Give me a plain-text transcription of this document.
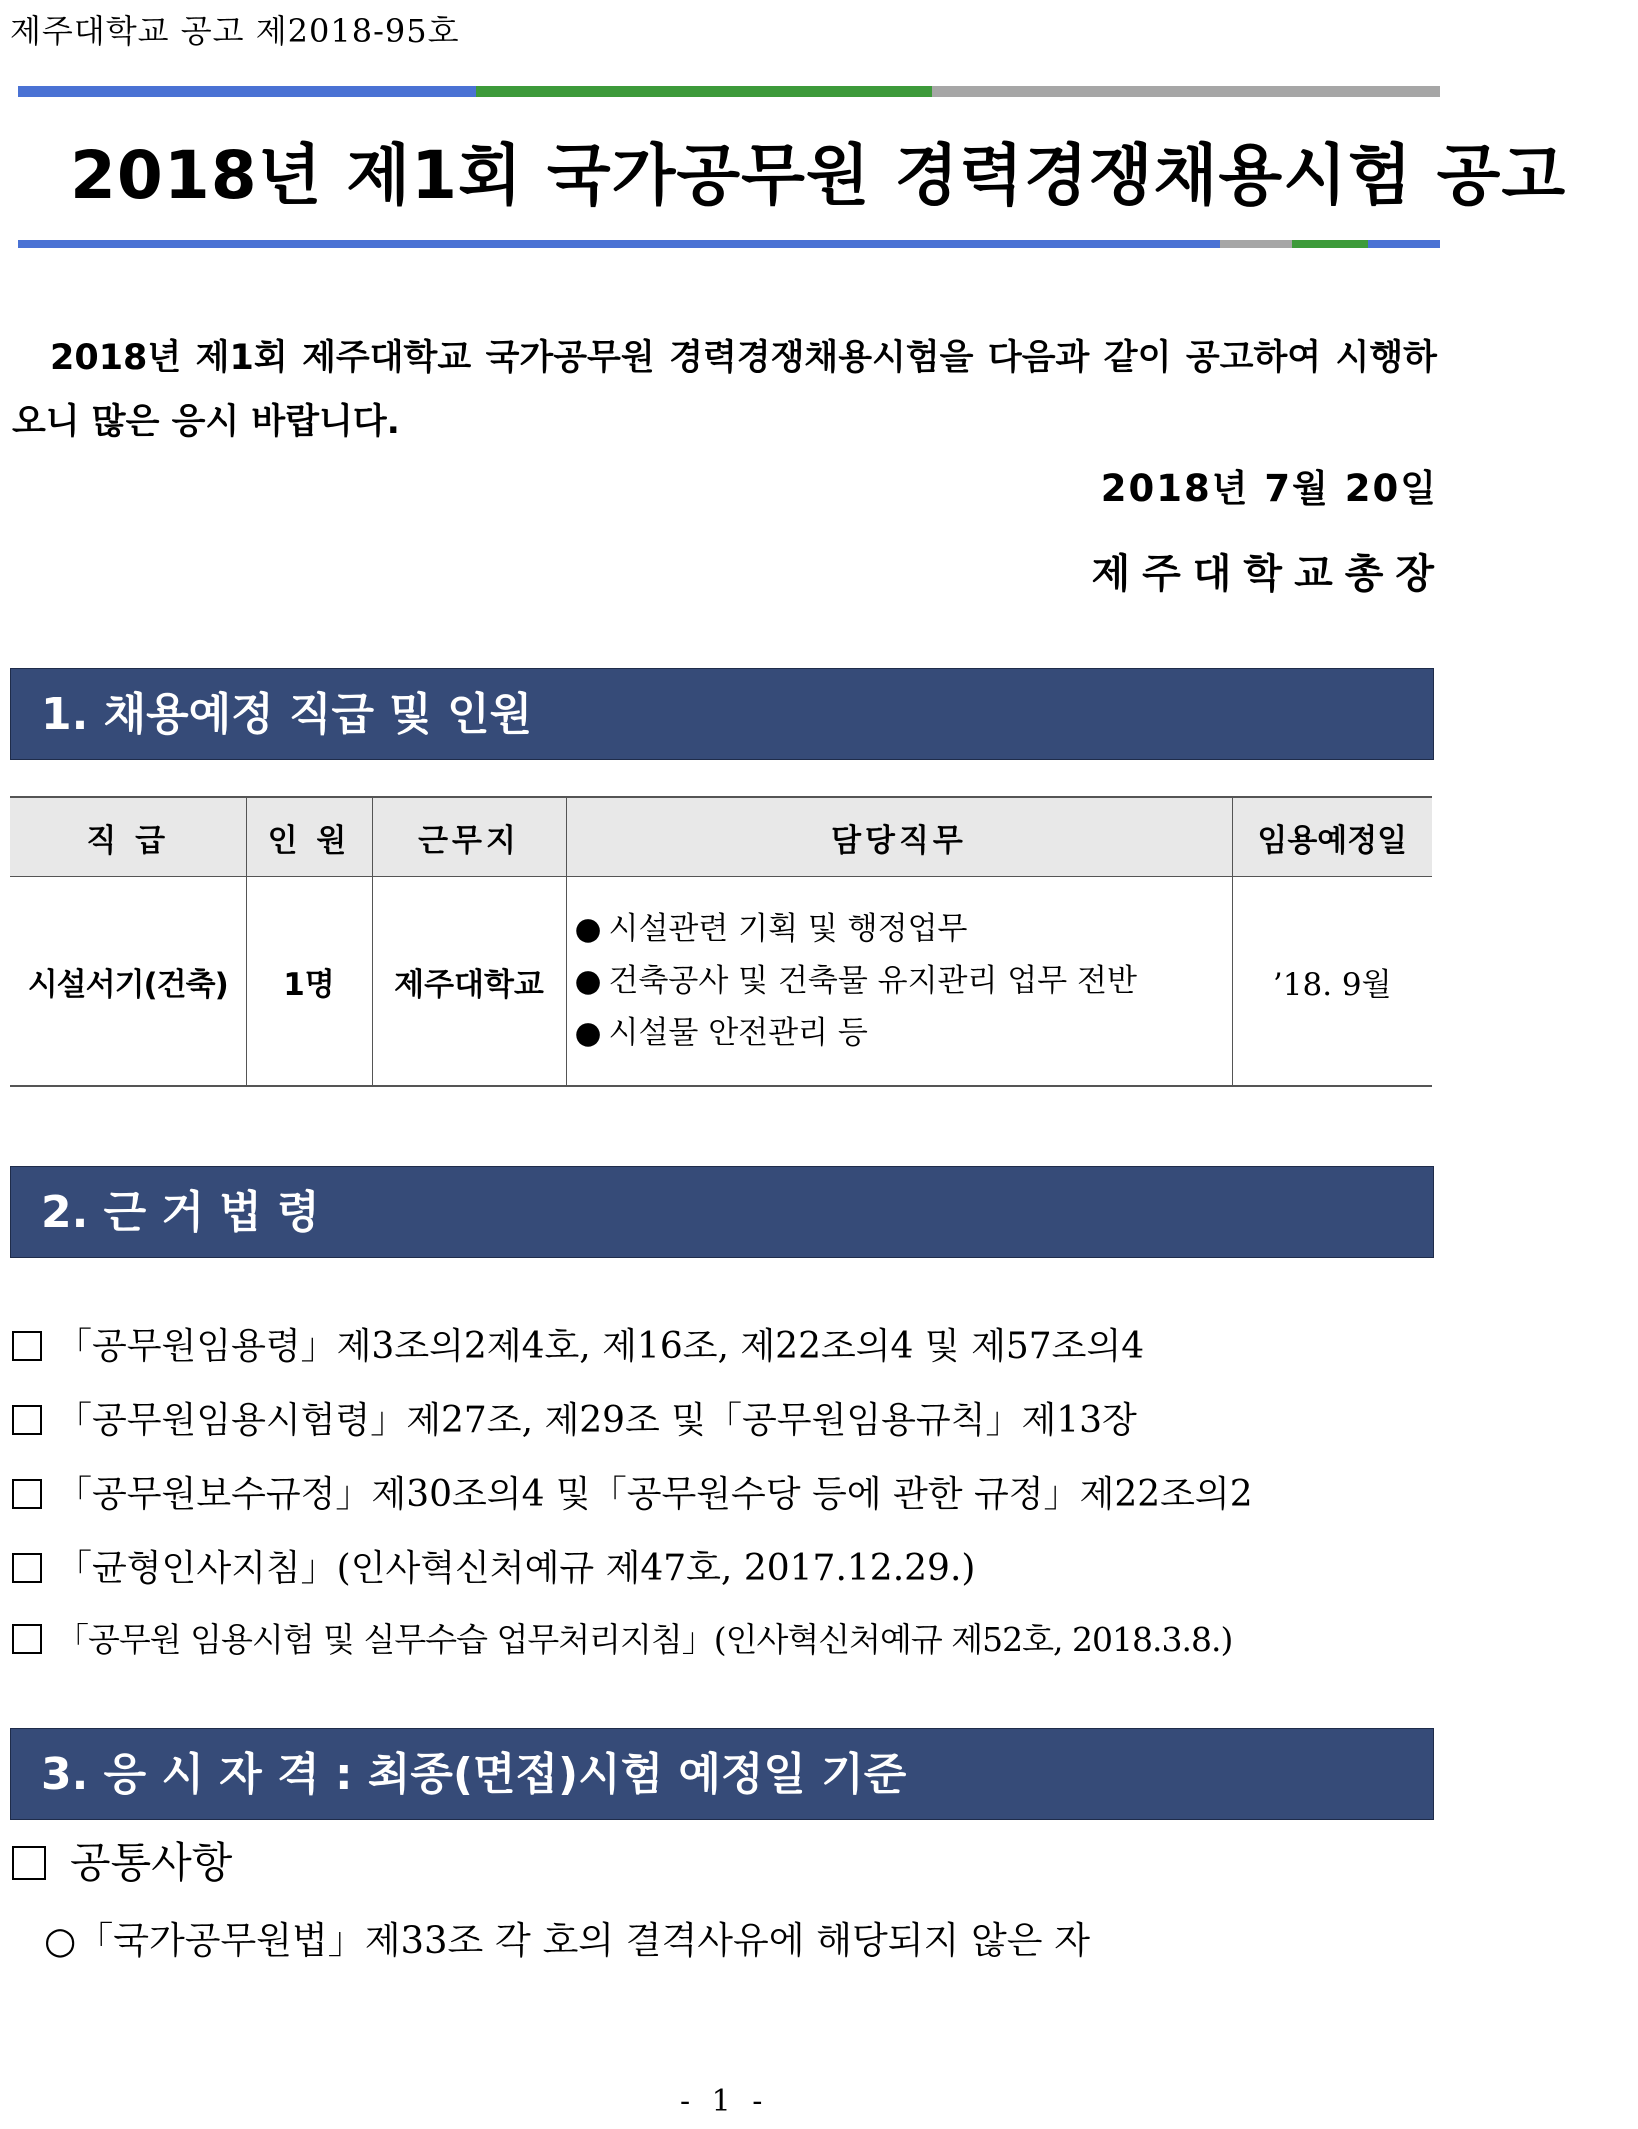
제주대학교 공고 제2018-95호
2018년 제1회 국가공무원 경력경쟁채용시험 공고
2018년 제1회 제주대학교 국가공무원 경력경쟁채용시험을 다음과 같이 공고하여 시행하오니 많은 응시 바랍니다.
2018년 7월 20일
제주대학교총장
1. 채용예정 직급 및 인원
직 급	인 원	근무지	담당직무	임용예정일
시설서기(건축)	1명	제주대학교	● 시설관련 기획 및 행정업무
● 건축공사 및 건축물 유지관리 업무 전반
● 시설물 안전관리 등	’18. 9월
2. 근 거 법 령
「공무원임용령」제3조의2제4호, 제16조, 제22조의4 및 제57조의4
「공무원임용시험령」제27조, 제29조 및「공무원임용규칙」제13장
「공무원보수규정」제30조의4 및「공무원수당 등에 관한 규정」제22조의2
「균형인사지침」(인사혁신처예규 제47호, 2017.12.29.)
「공무원 임용시험 및 실무수습 업무처리지침」(인사혁신처예규 제52호, 2018.3.8.)
3. 응 시 자 격 : 최종(면접)시험 예정일 기준
공통사항
○「국가공무원법」제33조 각 호의 결격사유에 해당되지 않은 자
- 1 -
